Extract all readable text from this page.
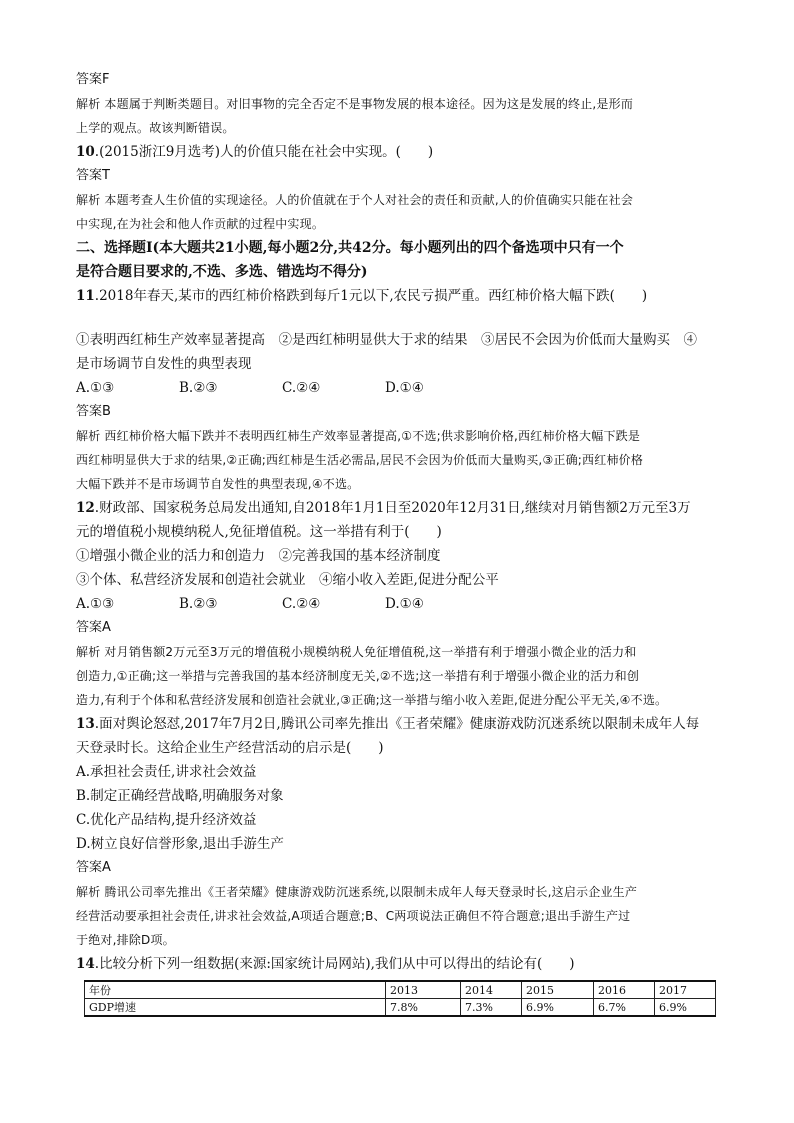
答案F
解析 本题属于判断类题目。对旧事物的完全否定不是事物发展的根本途径。因为这是发展的终止,是形而
上学的观点。故该判断错误。
10.(2015浙江9月选考)人的价值只能在社会中实现。(　　)
答案T
解析 本题考查人生价值的实现途径。人的价值就在于个人对社会的责任和贡献,人的价值确实只能在社会
中实现,在为社会和他人作贡献的过程中实现。
二、选择题Ⅰ(本大题共21小题,每小题2分,共42分。每小题列出的四个备选项中只有一个
是符合题目要求的,不选、多选、错选均不得分)
11.2018年春天,某市的西红柿价格跌到每斤1元以下,农民亏损严重。西红柿价格大幅下跌(　　)
①表明西红柿生产效率显著提高　②是西红柿明显供大于求的结果　③居民不会因为价低而大量购买　④
是市场调节自发性的典型表现
A.①③	B.②③	C.②④	D.①④
答案B
解析 西红柿价格大幅下跌并不表明西红柿生产效率显著提高,①不选;供求影响价格,西红柿价格大幅下跌是
西红柿明显供大于求的结果,②正确;西红柿是生活必需品,居民不会因为价低而大量购买,③正确;西红柿价格
大幅下跌并不是市场调节自发性的典型表现,④不选。
12.财政部、国家税务总局发出通知,自2018年1月1日至2020年12月31日,继续对月销售额2万元至3万
元的增值税小规模纳税人,免征增值税。这一举措有利于(　　)
①增强小微企业的活力和创造力　②完善我国的基本经济制度
③个体、私营经济发展和创造社会就业　④缩小收入差距,促进分配公平
A.①③	B.②③	C.②④	D.①④
答案A
解析 对月销售额2万元至3万元的增值税小规模纳税人免征增值税,这一举措有利于增强小微企业的活力和
创造力,①正确;这一举措与完善我国的基本经济制度无关,②不选;这一举措有利于增强小微企业的活力和创
造力,有利于个体和私营经济发展和创造社会就业,③正确;这一举措与缩小收入差距,促进分配公平无关,④不选。
13.面对舆论怒怼,2017年7月2日,腾讯公司率先推出《王者荣耀》健康游戏防沉迷系统以限制未成年人每
天登录时长。这给企业生产经营活动的启示是(　　)
A.承担社会责任,讲求社会效益
B.制定正确经营战略,明确服务对象
C.优化产品结构,提升经济效益
D.树立良好信誉形象,退出手游生产
答案A
解析 腾讯公司率先推出《王者荣耀》健康游戏防沉迷系统,以限制未成年人每天登录时长,这启示企业生产
经营活动要承担社会责任,讲求社会效益,A项适合题意;B、C两项说法正确但不符合题意;退出手游生产过
于绝对,排除D项。
14.比较分析下列一组数据(来源:国家统计局网站),我们从中可以得出的结论有(　　)
年份	2013	2014	2015	2016	2017
GDP增速	7.8%	7.3%	6.9%	6.7%	6.9%
